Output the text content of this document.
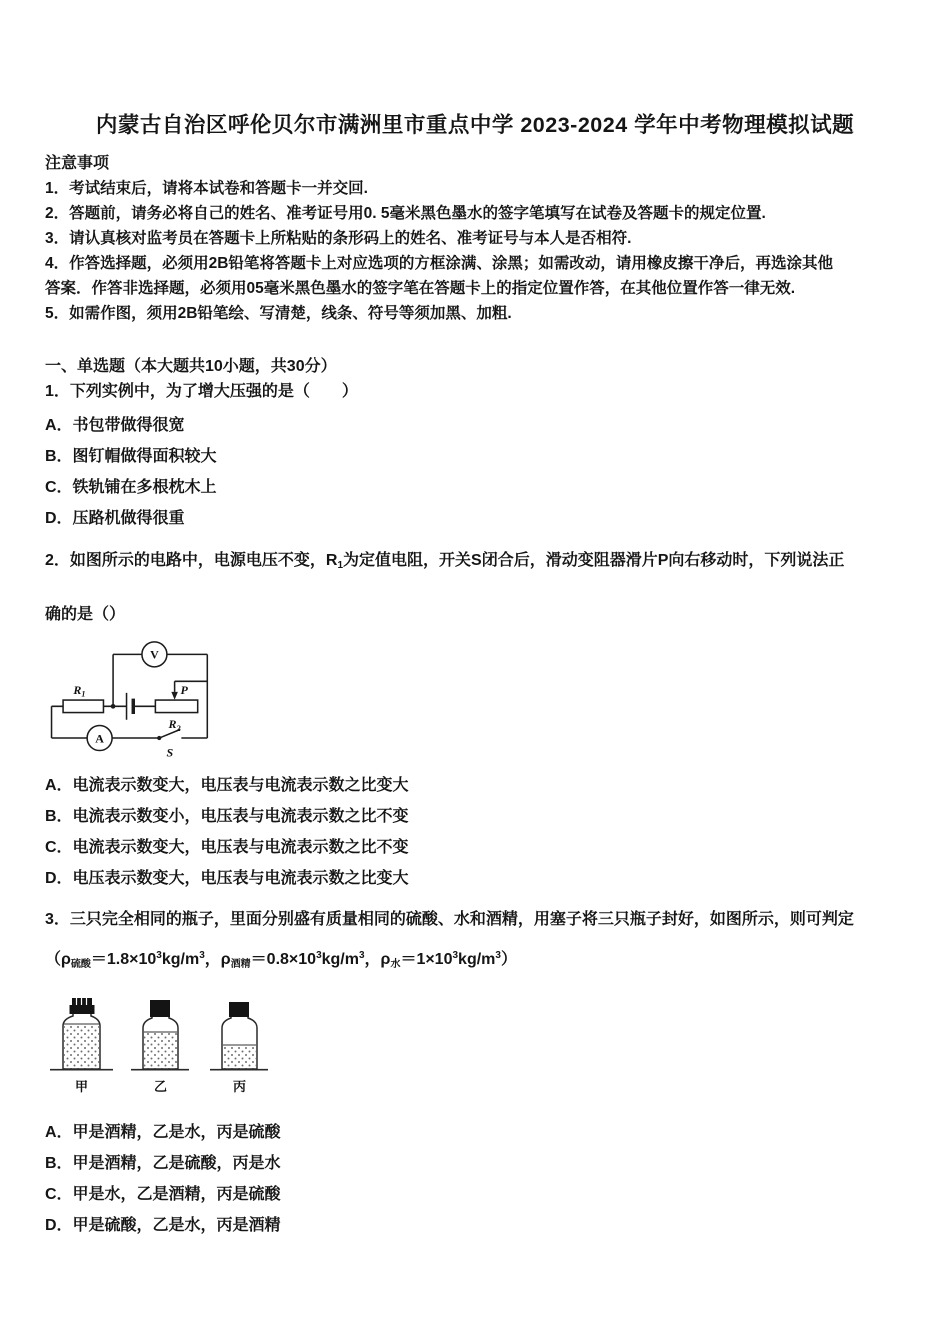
内蒙古自治区呼伦贝尔市满洲里市重点中学 2023-2024 学年中考物理模拟试题
注意事项
1．考试结束后，请将本试卷和答题卡一并交回.
2．答题前，请务必将自己的姓名、准考证号用0. 5毫米黑色墨水的签字笔填写在试卷及答题卡的规定位置.
3．请认真核对监考员在答题卡上所粘贴的条形码上的姓名、准考证号与本人是否相符.
4．作答选择题，必须用2B铅笔将答题卡上对应选项的方框涂满、涂黑；如需改动，请用橡皮擦干净后，再选涂其他
答案．作答非选择题，必须用05毫米黑色墨水的签字笔在答题卡上的指定位置作答，在其他位置作答一律无效.
5．如需作图，须用2B铅笔绘、写清楚，线条、符号等须加黑、加粗.
一、单选题（本大题共10小题，共30分）
1．下列实例中，为了增大压强的是（　　）
A．书包带做得很宽
B．图钉帽做得面积较大
C．铁轨铺在多根枕木上
D．压路机做得很重
2．如图所示的电路中，电源电压不变，$R_1$为定值电阻，开关S闭合后，滑动变阻器滑片P向右移动时，下列说法正
确的是（）
V
A
$R_1$
$R_2$
P
S
A．电流表示数变大，电压表与电流表示数之比变大
B．电流表示数变小，电压表与电流表示数之比不变
C．电流表示数变大，电压表与电流表示数之比不变
D．电压表示数变大，电压表与电流表示数之比变大
3．三只完全相同的瓶子，里面分别盛有质量相同的硫酸、水和酒精，用塞子将三只瓶子封好，如图所示，则可判定
（$\rho_{硫酸}=1.8\times 10^3kg/m^3$，$\rho_{酒精}=0.8\times 10^3kg/m^3$，$\rho_水=1\times 10^3kg/m^3$）
甲	乙	丙
A．甲是酒精，乙是水，丙是硫酸
B．甲是酒精，乙是硫酸，丙是水
C．甲是水，乙是酒精，丙是硫酸
D．甲是硫酸，乙是水，丙是酒精
